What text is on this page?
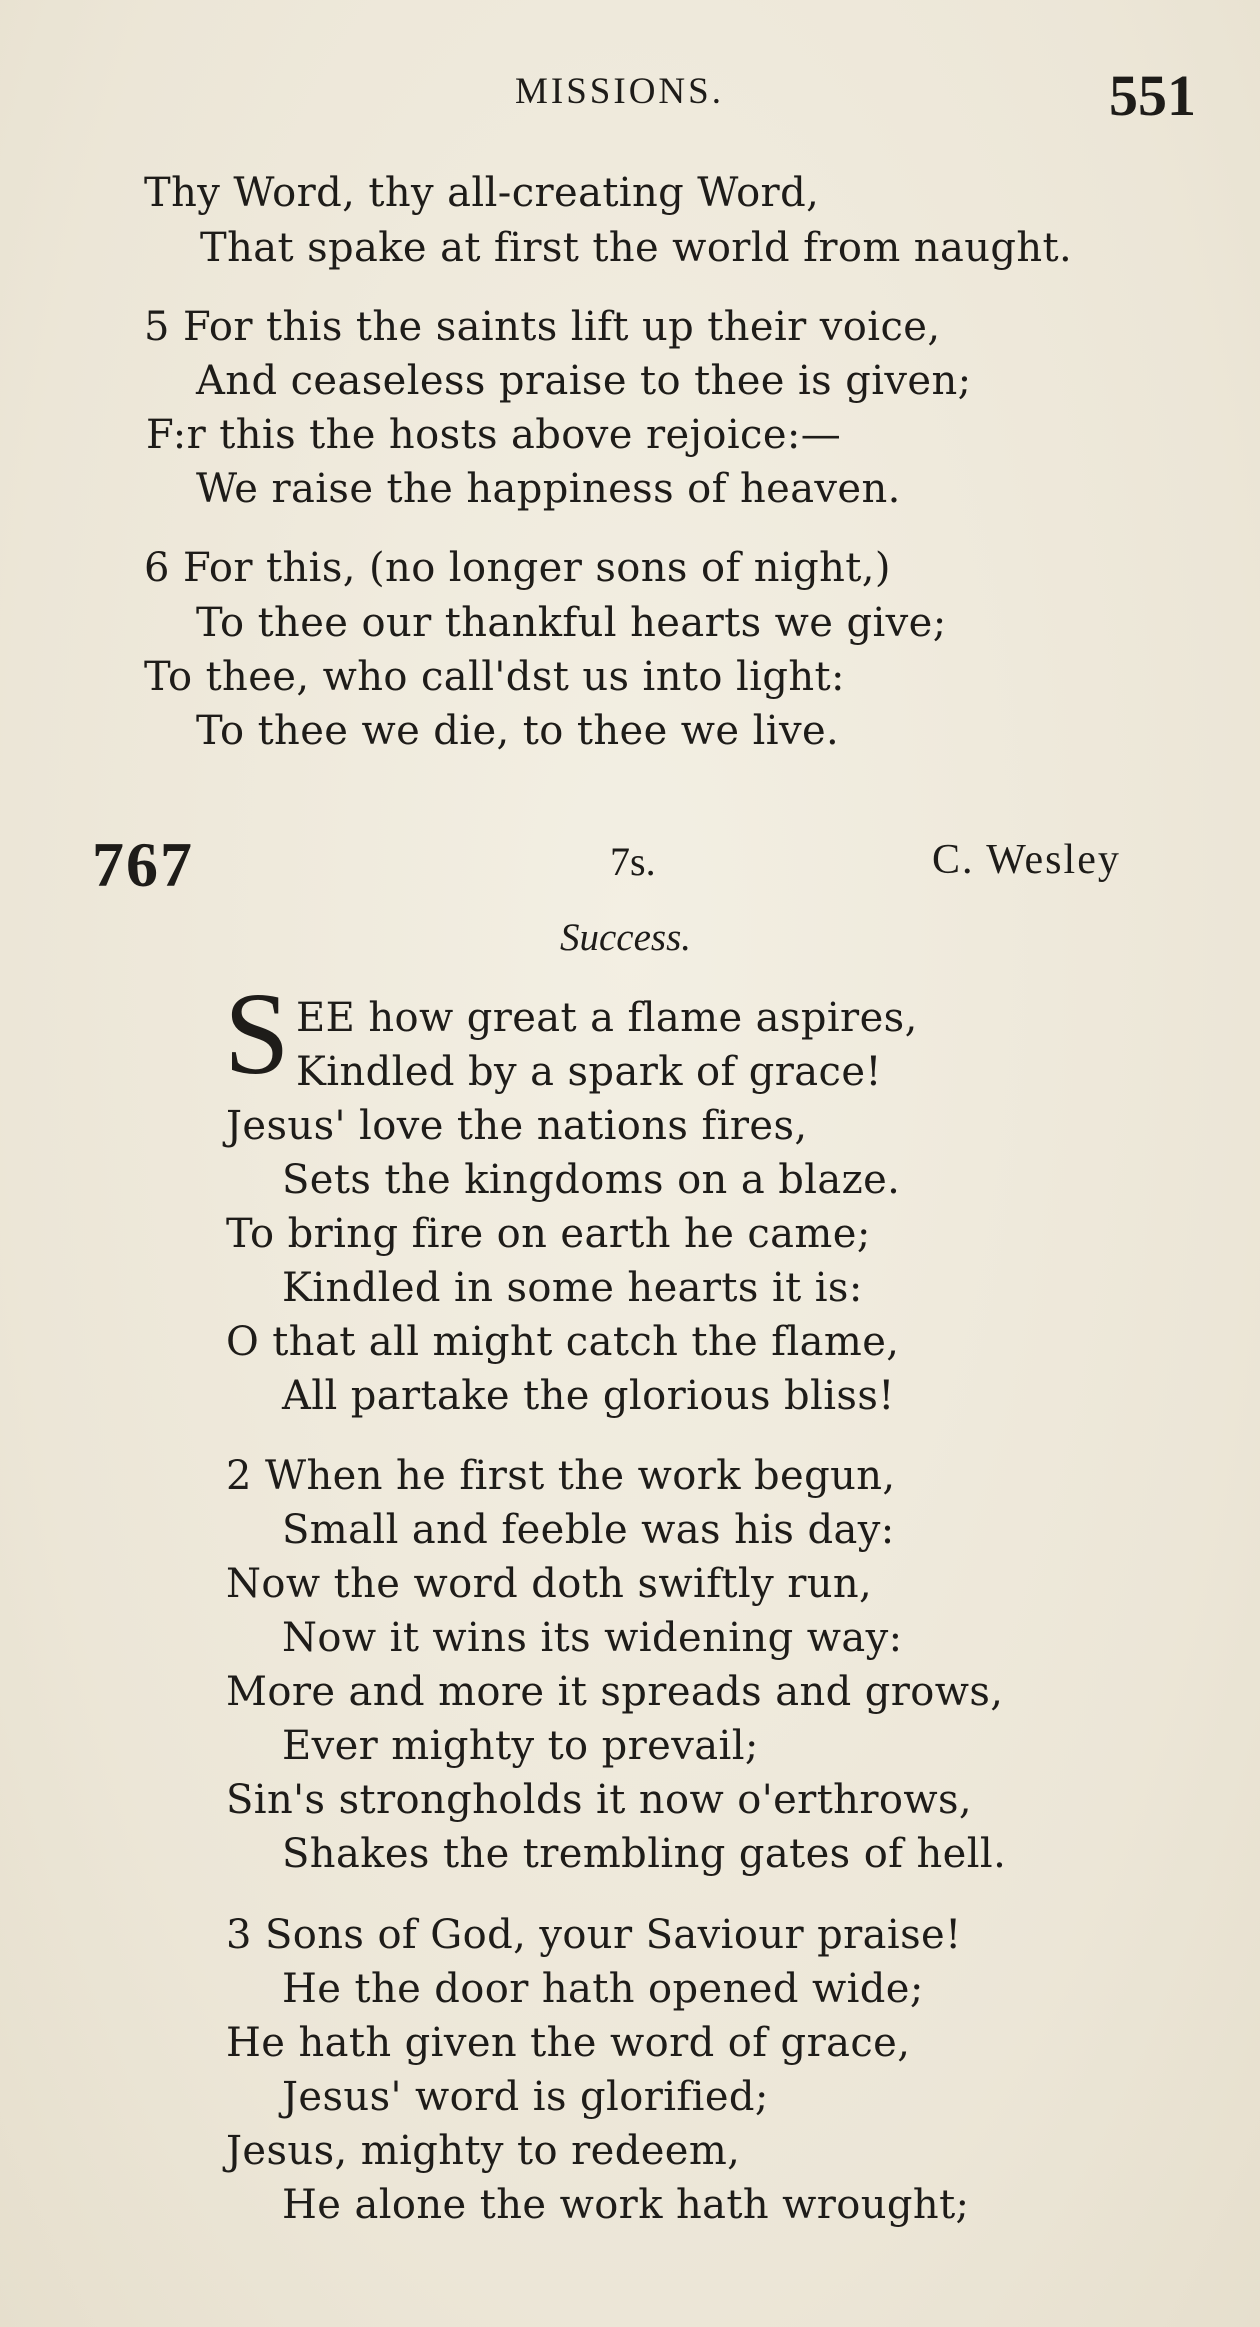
MISSIONS.	551
Thy Word, thy all-creating Word,
That spake at first the world from naught.
5 For this the saints lift up their voice,
And ceaseless praise to thee is given;
F:r this the hosts above rejoice:—
We raise the happiness of heaven.
6 For this, (no longer sons of night,)
To thee our thankful hearts we give;
To thee, who call'dst us into light:
To thee we die, to thee we live.
767	7s.	C. Wesley
Success.
S EE how great a flame aspires,
Kindled by a spark of grace!
Jesus' love the nations fires,
Sets the kingdoms on a blaze.
To bring fire on earth he came;
Kindled in some hearts it is:
O that all might catch the flame,
All partake the glorious bliss!
2 When he first the work begun,
Small and feeble was his day:
Now the word doth swiftly run,
Now it wins its widening way:
More and more it spreads and grows,
Ever mighty to prevail;
Sin's strongholds it now o'erthrows,
Shakes the trembling gates of hell.
3 Sons of God, your Saviour praise!
He the door hath opened wide;
He hath given the word of grace,
Jesus' word is glorified;
Jesus, mighty to redeem,
He alone the work hath wrought;
